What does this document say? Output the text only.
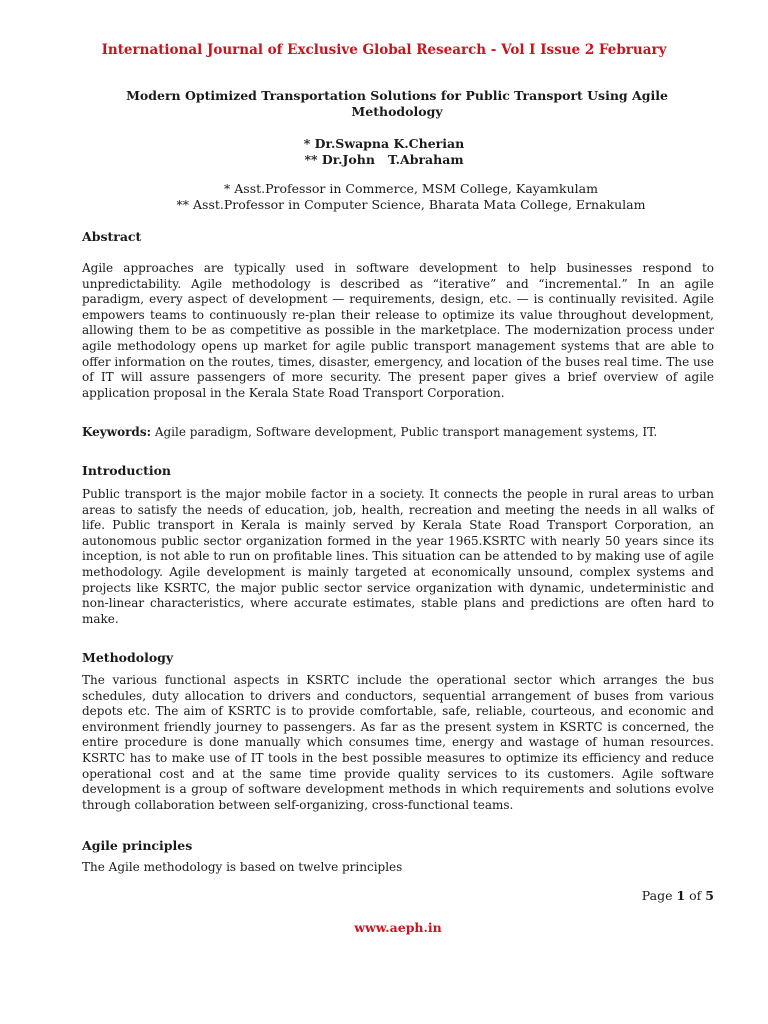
International Journal of Exclusive Global Research - Vol I Issue 2 February
Modern Optimized Transportation Solutions for Public Transport Using Agile Methodology
* Dr.Swapna K.Cherian
** Dr.John   T.Abraham
* Asst.Professor in Commerce, MSM College, Kayamkulam
** Asst.Professor in Computer Science, Bharata Mata College, Ernakulam
Abstract

Agile approaches are typically used in software development to help businesses respond to unpredictability. Agile methodology is described as “iterative” and “incremental.” In an agile paradigm, every aspect of development — requirements, design, etc. — is continually revisited. Agile empowers teams to continuously re-plan their release to optimize its value throughout development, allowing them to be as competitive as possible in the marketplace. The modernization process under agile methodology opens up market for agile public transport management systems that are able to offer information on the routes, times, disaster, emergency, and location of the buses real time. The use of IT will assure passengers of more security. The present paper gives a brief overview of agile application proposal in the Kerala State Road Transport Corporation.

Keywords: Agile paradigm, Software development, Public transport management systems, IT.

Introduction

Public transport is the major mobile factor in a society. It connects the people in rural areas to urban areas to satisfy the needs of education, job, health, recreation and meeting the needs in all walks of life. Public transport in Kerala is mainly served by Kerala State Road Transport Corporation, an autonomous public sector organization formed in the year 1965.KSRTC with nearly 50 years since its inception, is not able to run on profitable lines. This situation can be attended to by making use of agile methodology. Agile development is mainly targeted at economically unsound, complex systems and projects like KSRTC, the major public sector service organization with dynamic, undeterministic and non-linear characteristics, where accurate estimates, stable plans and predictions are often hard to make.

Methodology

The various functional aspects in KSRTC include the operational sector which arranges the bus schedules, duty allocation to drivers and conductors, sequential arrangement of buses from various depots etc. The aim of KSRTC is to provide comfortable, safe, reliable, courteous, and economic and environment friendly journey to passengers. As far as the present system in KSRTC is concerned, the entire procedure is done manually which consumes time, energy and wastage of human resources. KSRTC has to make use of IT tools in the best possible measures to optimize its efficiency and reduce operational cost and at the same time provide quality services to its customers. Agile software development is a group of software development methods in which requirements and solutions evolve through collaboration between self-organizing, cross-functional teams.

Agile principles

The Agile methodology is based on twelve principles

Page 1 of 5
www.aeph.in
